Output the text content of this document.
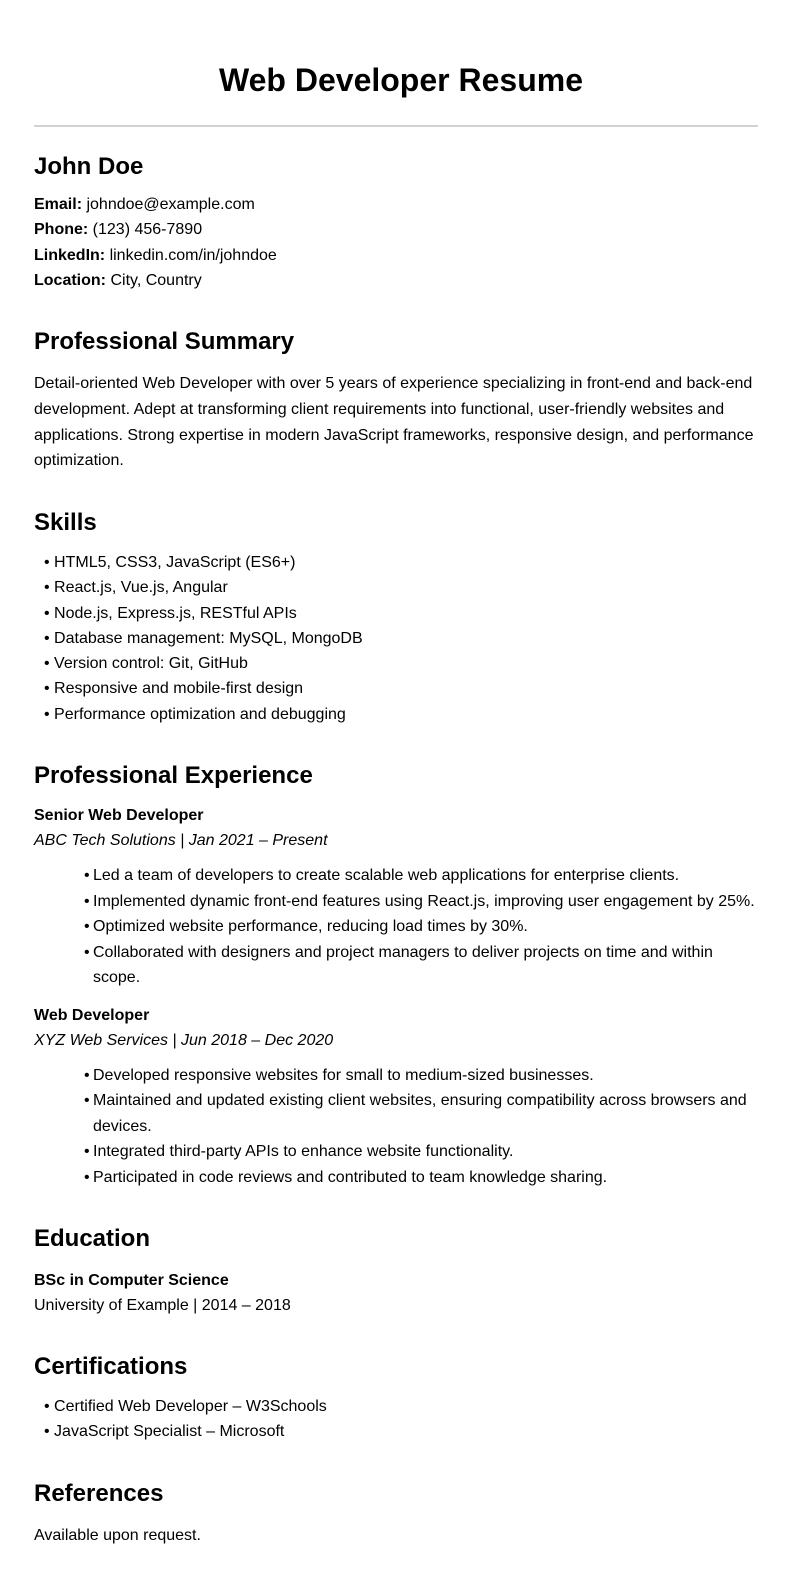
Web Developer Resume
John Doe
Email: johndoe@example.com
Phone: (123) 456-7890
LinkedIn: linkedin.com/in/johndoe
Location: City, Country
Professional Summary
Detail-oriented Web Developer with over 5 years of experience specializing in front-end and back-end development. Adept at transforming client requirements into functional, user-friendly websites and applications. Strong expertise in modern JavaScript frameworks, responsive design, and performance optimization.
Skills
• HTML5, CSS3, JavaScript (ES6+)
• React.js, Vue.js, Angular
• Node.js, Express.js, RESTful APIs
• Database management: MySQL, MongoDB
• Version control: Git, GitHub
• Responsive and mobile-first design
• Performance optimization and debugging
Professional Experience
Senior Web Developer
ABC Tech Solutions | Jan 2021 – Present
• Led a team of developers to create scalable web applications for enterprise clients.
• Implemented dynamic front-end features using React.js, improving user engagement by 25%.
• Optimized website performance, reducing load times by 30%.
• Collaborated with designers and project managers to deliver projects on time and within scope.
Web Developer
XYZ Web Services | Jun 2018 – Dec 2020
• Developed responsive websites for small to medium-sized businesses.
• Maintained and updated existing client websites, ensuring compatibility across browsers and devices.
• Integrated third-party APIs to enhance website functionality.
• Participated in code reviews and contributed to team knowledge sharing.
Education
BSc in Computer Science
University of Example | 2014 – 2018
Certifications
• Certified Web Developer – W3Schools
• JavaScript Specialist – Microsoft
References
Available upon request.
